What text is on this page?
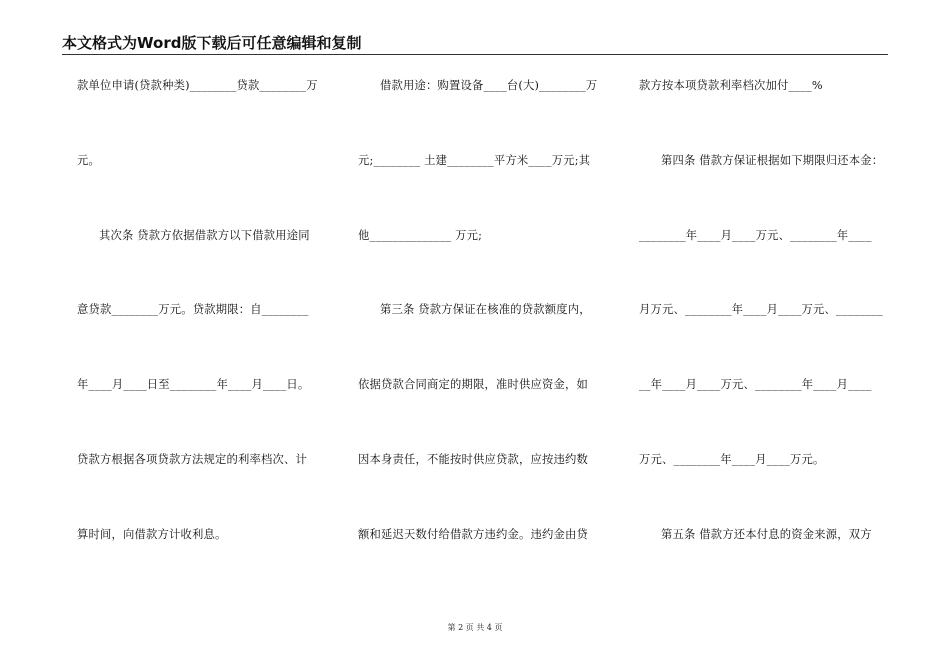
本文格式为Word版下载后可任意编辑和复制
款单位申请(贷款种类)________贷款________万
元。
其次条 贷款方依据借款方以下借款用途同
意贷款________万元。贷款期限：自________
年____月____日至________年____月____日。
贷款方根据各项贷款方法规定的利率档次、计
算时间，向借款方计收利息。
借款用途：购置设备____台(大)________万
元;________ 土建________平方米____万元;其
他______________ 万元;
第三条 贷款方保证在核准的贷款额度内，
依据贷款合同商定的期限，准时供应资金，如
因本身责任，不能按时供应贷款，应按违约数
额和延迟天数付给借款方违约金。违约金由贷
款方按本项贷款利率档次加付____%
第四条 借款方保证根据如下期限归还本金：
________年____月____万元、________年____
月万元、________年____月____万元、________
__年____月____万元、________年____月____
万元、________年____月____万元。
第五条 借款方还本付息的资金来源，双方
第 2 页 共 4 页
